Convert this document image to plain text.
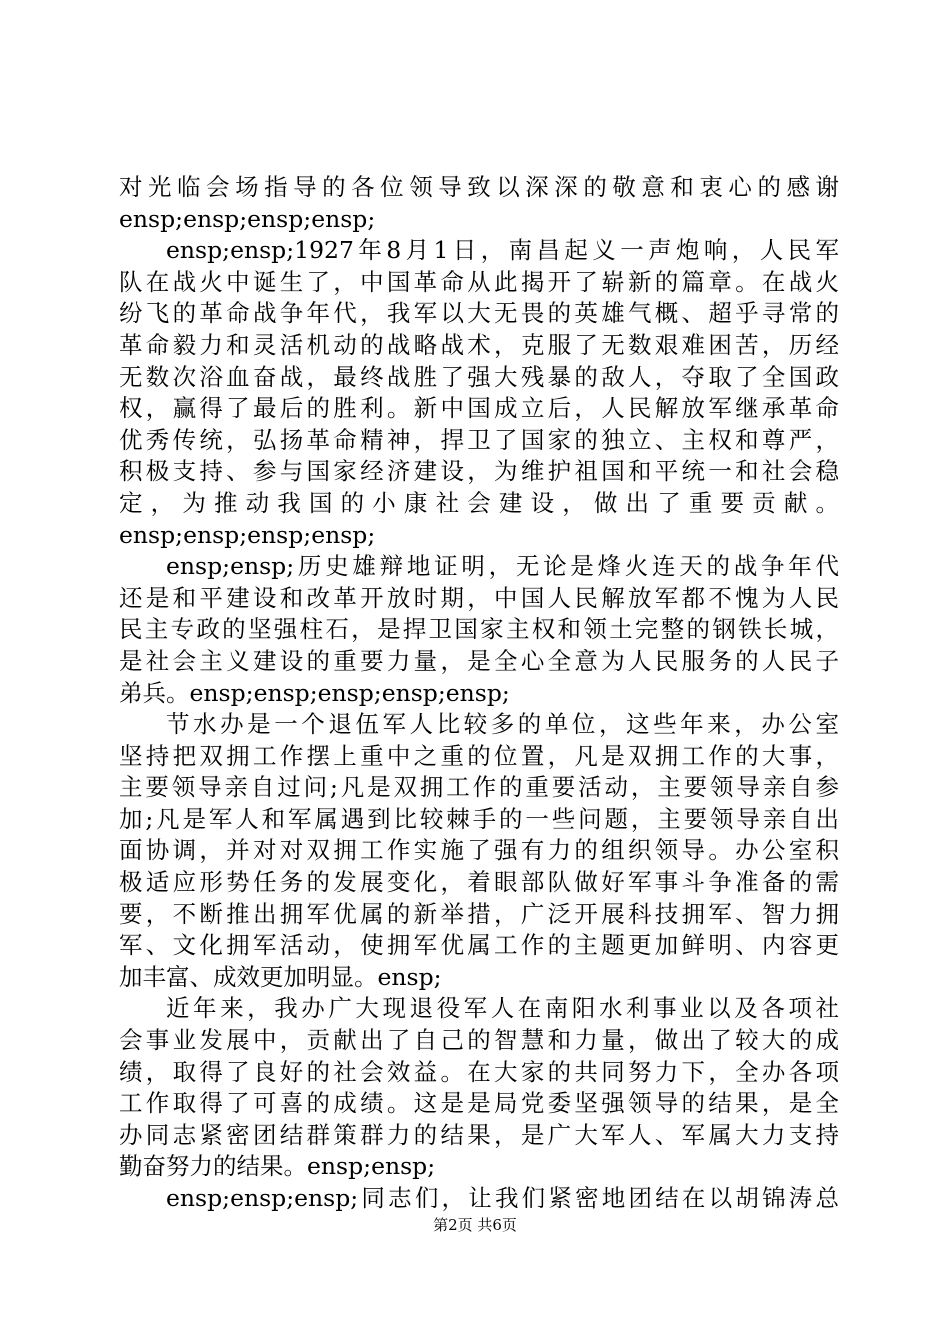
对光临会场指导的各位领导致以深深的敬意和衷心的感谢
ensp;ensp;ensp;ensp;
ensp;ensp;1927年8月1日，南昌起义一声炮响，人民军
队在战火中诞生了，中国革命从此揭开了崭新的篇章。在战火
纷飞的革命战争年代，我军以大无畏的英雄气概、超乎寻常的
革命毅力和灵活机动的战略战术，克服了无数艰难困苦，历经
无数次浴血奋战，最终战胜了强大残暴的敌人，夺取了全国政
权，赢得了最后的胜利。新中国成立后，人民解放军继承革命
优秀传统，弘扬革命精神，捍卫了国家的独立、主权和尊严，
积极支持、参与国家经济建设，为维护祖国和平统一和社会稳
定，为推动我国的小康社会建设，做出了重要贡献。
ensp;ensp;ensp;ensp;
ensp;ensp;历史雄辩地证明，无论是烽火连天的战争年代
还是和平建设和改革开放时期，中国人民解放军都不愧为人民
民主专政的坚强柱石，是捍卫国家主权和领土完整的钢铁长城，
是社会主义建设的重要力量，是全心全意为人民服务的人民子
弟兵。ensp;ensp;ensp;ensp;ensp;
节水办是一个退伍军人比较多的单位，这些年来，办公室
坚持把双拥工作摆上重中之重的位置，凡是双拥工作的大事，
主要领导亲自过问;凡是双拥工作的重要活动，主要领导亲自参
加;凡是军人和军属遇到比较棘手的一些问题，主要领导亲自出
面协调，并对对双拥工作实施了强有力的组织领导。办公室积
极适应形势任务的发展变化，着眼部队做好军事斗争准备的需
要，不断推出拥军优属的新举措，广泛开展科技拥军、智力拥
军、文化拥军活动，使拥军优属工作的主题更加鲜明、内容更
加丰富、成效更加明显。ensp;
近年来，我办广大现退役军人在南阳水利事业以及各项社
会事业发展中，贡献出了自己的智慧和力量，做出了较大的成
绩，取得了良好的社会效益。在大家的共同努力下，全办各项
工作取得了可喜的成绩。这是是局党委坚强领导的结果，是全
办同志紧密团结群策群力的结果，是广大军人、军属大力支持
勤奋努力的结果。ensp;ensp;
ensp;ensp;ensp;同志们，让我们紧密地团结在以胡锦涛总
第2页 共6页
